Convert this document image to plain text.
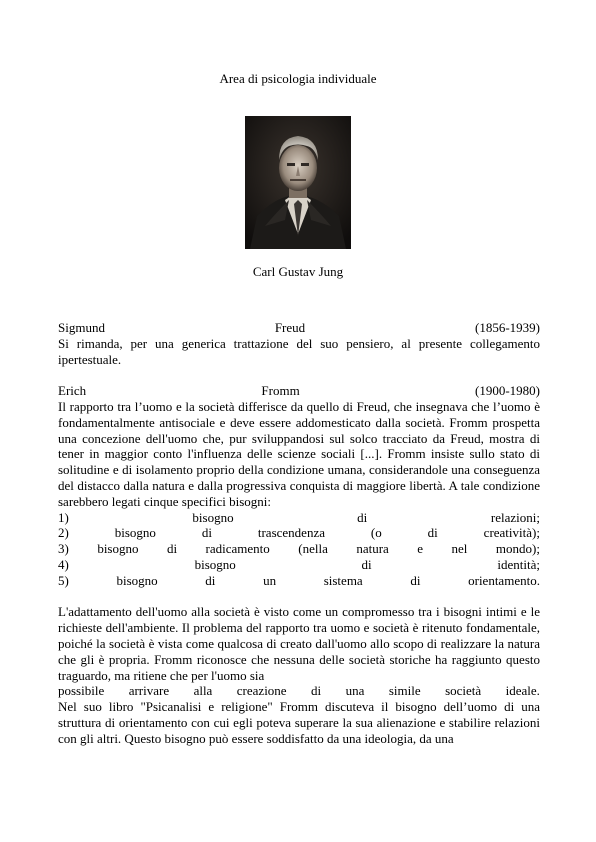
Area di psicologia individuale
Carl Gustav Jung
Sigmund	Freud	(1856-1939)
Si rimanda, per una generica trattazione del suo pensiero, al presente collegamento ipertestuale.
Erich	Fromm	(1900-1980)
Il rapporto tra l’uomo e la società differisce da quello di Freud, che insegnava che l’uomo è fondamentalmente antisociale e deve essere addomesticato dalla società. Fromm prospetta una concezione dell'uomo che, pur sviluppandosi sul solco tracciato da Freud, mostra di tener in maggior conto l'influenza delle scienze sociali [...]. Fromm insiste sullo stato di solitudine e di isolamento proprio della condizione umana, considerandole una conseguenza del distacco dalla natura e dalla progressiva conquista di maggiore libertà. A tale condizione sarebbero legati cinque specifici bisogni:
1)	bisogno	di	relazioni;
2)	bisogno	di	trascendenza	(o	di	creatività);
3) bisogno di radicamento (nella natura e nel mondo);
4)	bisogno	di	identità;
5)	bisogno	di	un	sistema	di	orientamento.
L'adattamento dell'uomo alla società è visto come un compromesso tra i bisogni intimi e le richieste dell'ambiente. Il problema del rapporto tra uomo e società è ritenuto fondamentale, poiché la società è vista come qualcosa di creato dall'uomo allo scopo di realizzare la natura che gli è propria. Fromm riconosce che nessuna delle società storiche ha raggiunto questo traguardo, ma ritiene che per l'uomo sia
possibile arrivare alla creazione di una simile società ideale.
Nel suo libro "Psicanalisi e religione" Fromm discuteva il bisogno dell’uomo di una struttura di orientamento con cui egli poteva superare la sua alienazione e stabilire relazioni con gli altri. Questo bisogno può essere soddisfatto da una ideologia, da una
